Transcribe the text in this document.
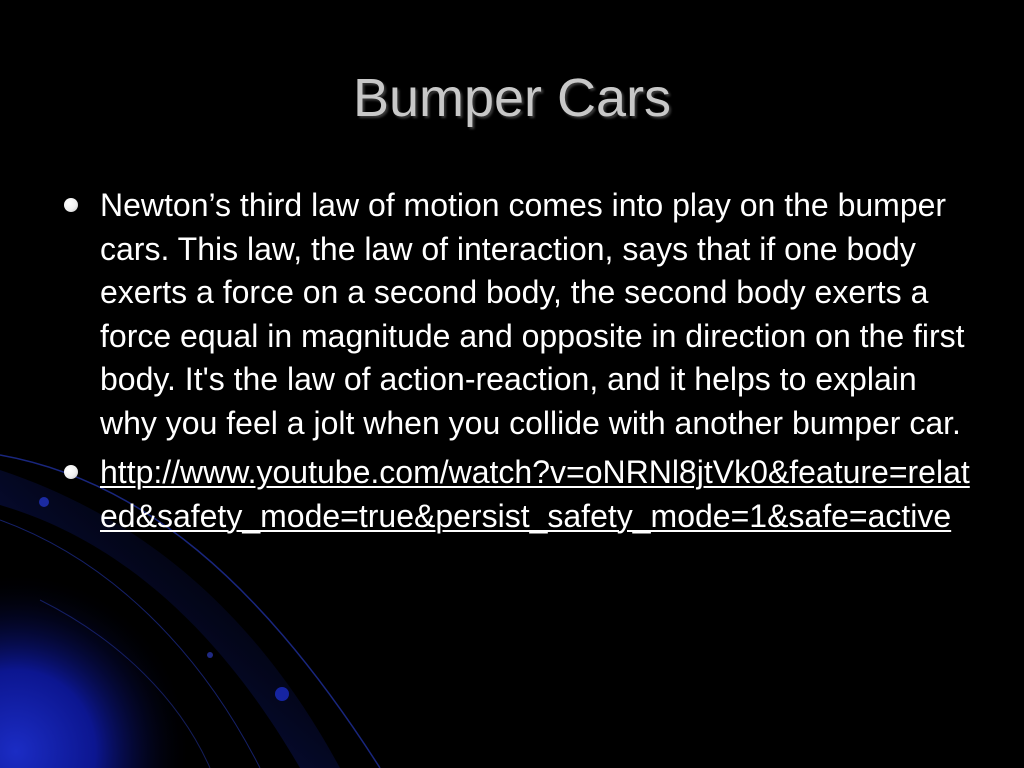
Bumper Cars
Newton’s third law of motion comes into play on the bumper cars. This law, the law of interaction, says that if one body exerts a force on a second body, the second body exerts a force equal in magnitude and opposite in direction on the first body. It's the law of action-reaction, and it helps to explain why you feel a jolt when you collide with another bumper car.
http://www.youtube.com/watch?v=oNRNl8jtVk0&feature=related&safety_mode=true&persist_safety_mode=1&safe=active
